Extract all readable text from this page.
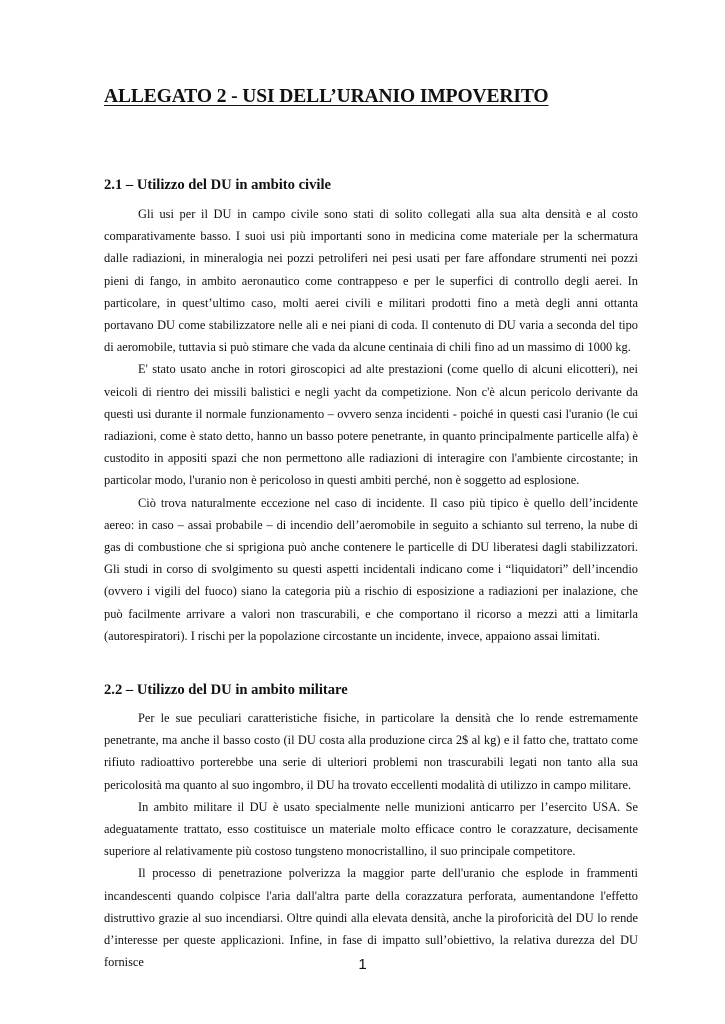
ALLEGATO 2 - USI DELL’URANIO IMPOVERITO
2.1 – Utilizzo del DU in ambito civile

Gli usi per il DU in campo civile sono stati di solito collegati alla sua alta densità e al costo comparativamente basso. I suoi usi più importanti sono in medicina come materiale per la schermatura dalle radiazioni, in mineralogia nei pozzi petroliferi nei pesi usati per fare affondare strumenti nei pozzi pieni di fango, in ambito aeronautico come contrappeso e per le superfici di controllo degli aerei. In particolare, in quest’ultimo caso, molti aerei civili e militari prodotti fino a metà degli anni ottanta portavano DU come stabilizzatore nelle ali e nei piani di coda. Il contenuto di DU varia a seconda del tipo di aeromobile, tuttavia si può stimare che vada da alcune centinaia di chili fino ad un massimo di 1000 kg.

E' stato usato anche in rotori giroscopici ad alte prestazioni (come quello di alcuni elicotteri), nei veicoli di rientro dei missili balistici e negli yacht da competizione. Non c'è alcun pericolo derivante da questi usi durante il normale funzionamento – ovvero senza incidenti - poiché in questi casi l'uranio (le cui radiazioni, come è stato detto, hanno un basso potere penetrante, in quanto principalmente particelle alfa) è custodito in appositi spazi che non permettono alle radiazioni di interagire con l'ambiente circostante; in particolar modo, l'uranio non è pericoloso in questi ambiti perché, non è soggetto ad esplosione.

Ciò trova naturalmente eccezione nel caso di incidente. Il caso più tipico è quello dell’incidente aereo: in caso – assai probabile – di incendio dell’aeromobile in seguito a schianto sul terreno, la nube di gas di combustione che si sprigiona può anche contenere le particelle di DU liberatesi dagli stabilizzatori. Gli studi in corso di svolgimento su questi aspetti incidentali indicano come i “liquidatori” dell’incendio (ovvero i vigili del fuoco) siano la categoria più a rischio di esposizione a radiazioni per inalazione, che può facilmente arrivare a valori non trascurabili, e che comportano il ricorso a mezzi atti a limitarla (autorespiratori). I rischi per la popolazione circostante un incidente, invece, appaiono assai limitati.

2.2 – Utilizzo del DU in ambito militare

Per le sue peculiari caratteristiche fisiche, in particolare la densità che lo rende estremamente penetrante, ma anche il basso costo (il DU costa alla produzione circa 2$ al kg) e il fatto che, trattato come rifiuto radioattivo porterebbe una serie di ulteriori problemi non trascurabili legati non tanto alla sua pericolosità ma quanto al suo ingombro, il DU ha trovato eccellenti modalità di utilizzo in campo militare.

In ambito militare il DU è usato specialmente nelle munizioni anticarro per l’esercito USA. Se adeguatamente trattato, esso costituisce un materiale molto efficace contro le corazzature, decisamente superiore al relativamente più costoso tungsteno monocristallino, il suo principale competitore.

Il processo di penetrazione polverizza la maggior parte dell'uranio che esplode in frammenti incandescenti quando colpisce l'aria dall'altra parte della corazzatura perforata, aumentandone l'effetto distruttivo grazie al suo incendiarsi. Oltre quindi alla elevata densità, anche la piroforicità del DU lo rende d’interesse per queste applicazioni. Infine, in fase di impatto sull’obiettivo, la relativa durezza del DU fornisce	1
